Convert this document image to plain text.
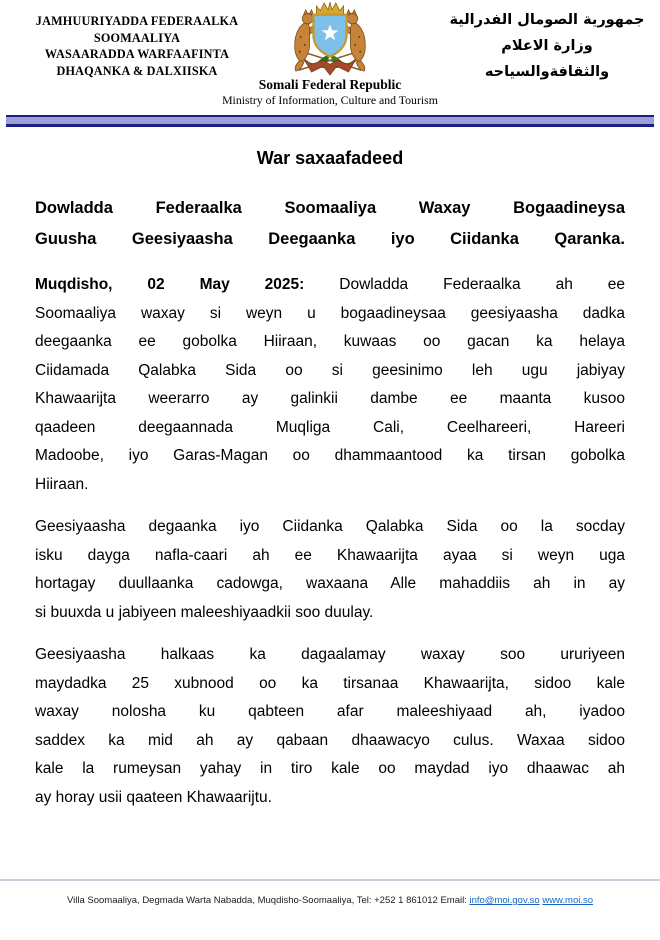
JAMHUURIYADDA FEDERAALKA
SOOMAALIYA
WASAARADDA WARFAAFINTA
DHAQANKA & DALXIISKA
Somali Federal Republic
Ministry of Information, Culture and Tourism
جمهورية الصومال الفدرالية
وزارة الاعلام
والثقافةوالسياحه
War saxaafadeed
Dowladda Federaalka Soomaaliya Waxay Bogaadineysa
Guusha Geesiyaasha Deegaanka iyo Ciidanka Qaranka.
Muqdisho, 02 May 2025: Dowladda Federaalka ah ee
Soomaaliya waxay si weyn u bogaadineysaa geesiyaasha dadka
deegaanka ee gobolka Hiiraan, kuwaas oo gacan ka helaya
Ciidamada Qalabka Sida oo si geesinimo leh ugu jabiyay
Khawaarijta weerarro ay galinkii dambe ee maanta kusoo
qaadeen deegaannada Muqliga Cali, Ceelhareeri, Hareeri
Madoobe, iyo Garas-Magan oo dhammaantood ka tirsan gobolka
Hiiraan.
Geesiyaasha degaanka iyo Ciidanka Qalabka Sida oo la socday
isku dayga nafla-caari ah ee Khawaarijta ayaa si weyn uga
hortagay duullaanka cadowga, waxaana Alle mahaddiis ah in ay
si buuxda u jabiyeen maleeshiyaadkii soo duulay.
Geesiyaasha halkaas ka dagaalamay waxay soo ururiyeen
maydadka 25 xubnood oo ka tirsanaa Khawaarijta, sidoo kale
waxay nolosha ku qabteen afar maleeshiyaad ah, iyadoo
saddex ka mid ah ay qabaan dhaawacyo culus. Waxaa sidoo
kale la rumeysan yahay in tiro kale oo maydad iyo dhaawac ah
ay horay usii qaateen Khawaarijtu.
Villa Soomaaliya, Degmada Warta Nabadda, Muqdisho-Soomaaliya, Tel: +252 1 861012 Email: info@moi.gov.so www.moi.so
